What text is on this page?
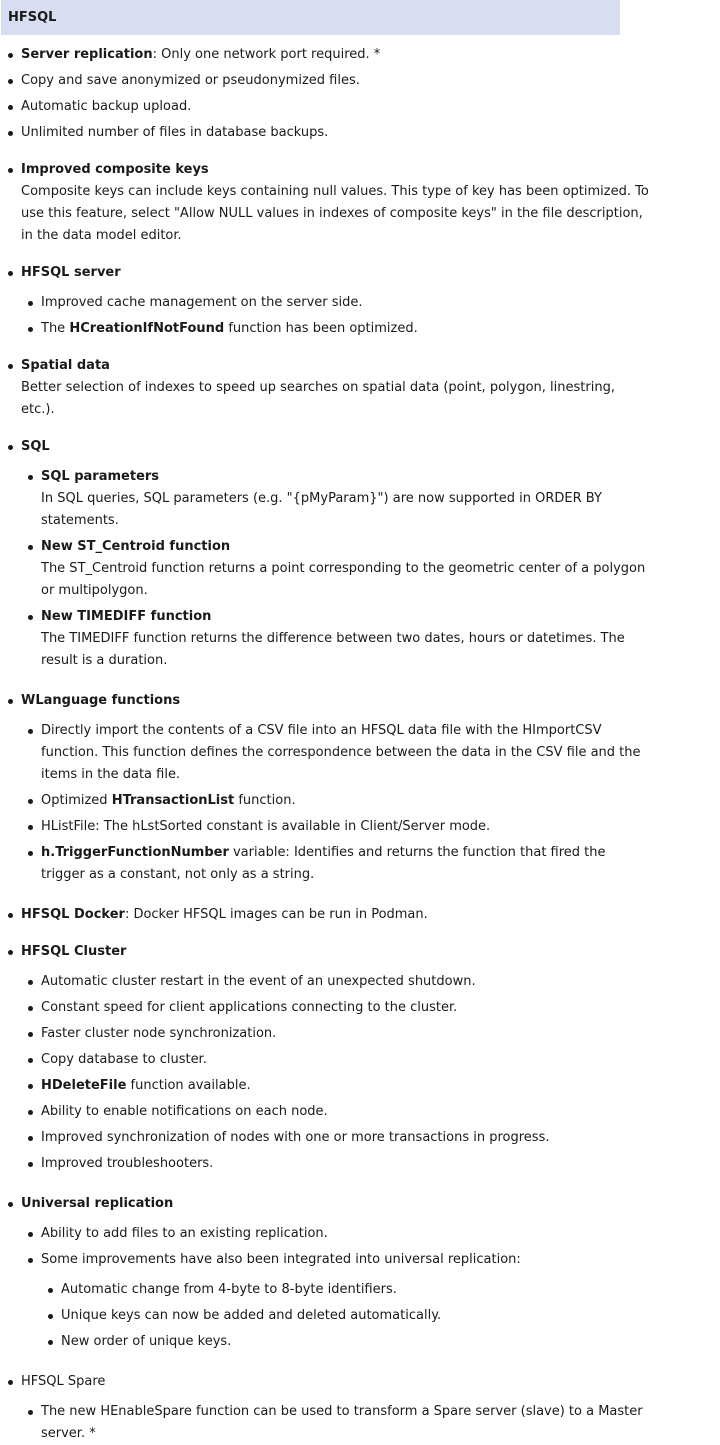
HFSQL
Server replication: Only one network port required. *
Copy and save anonymized or pseudonymized files.
Automatic backup upload.
Unlimited number of files in database backups.
Improved composite keys
Composite keys can include keys containing null values. This type of key has been optimized. To use this feature, select "Allow NULL values in indexes of composite keys" in the file description, in the data model editor.
HFSQL server
Improved cache management on the server side.
The HCreationIfNotFound function has been optimized.
Spatial data
Better selection of indexes to speed up searches on spatial data (point, polygon, linestring, etc.).
SQL
SQL parameters
In SQL queries, SQL parameters (e.g. "{pMyParam}") are now supported in ORDER BY statements.
New ST_Centroid function
The ST_Centroid function returns a point corresponding to the geometric center of a polygon or multipolygon.
New TIMEDIFF function
The TIMEDIFF function returns the difference between two dates, hours or datetimes. The result is a duration.
WLanguage functions
Directly import the contents of a CSV file into an HFSQL data file with the HImportCSV function. This function defines the correspondence between the data in the CSV file and the items in the data file.
Optimized HTransactionList function.
HListFile: The hLstSorted constant is available in Client/Server mode.
h.TriggerFunctionNumber variable: Identifies and returns the function that fired the trigger as a constant, not only as a string.
HFSQL Docker: Docker HFSQL images can be run in Podman.
HFSQL Cluster
Automatic cluster restart in the event of an unexpected shutdown.
Constant speed for client applications connecting to the cluster.
Faster cluster node synchronization.
Copy database to cluster.
HDeleteFile function available.
Ability to enable notifications on each node.
Improved synchronization of nodes with one or more transactions in progress.
Improved troubleshooters.
Universal replication
Ability to add files to an existing replication.
Some improvements have also been integrated into universal replication:
Automatic change from 4-byte to 8-byte identifiers.
Unique keys can now be added and deleted automatically.
New order of unique keys.
HFSQL Spare
The new HEnableSpare function can be used to transform a Spare server (slave) to a Master server. *
